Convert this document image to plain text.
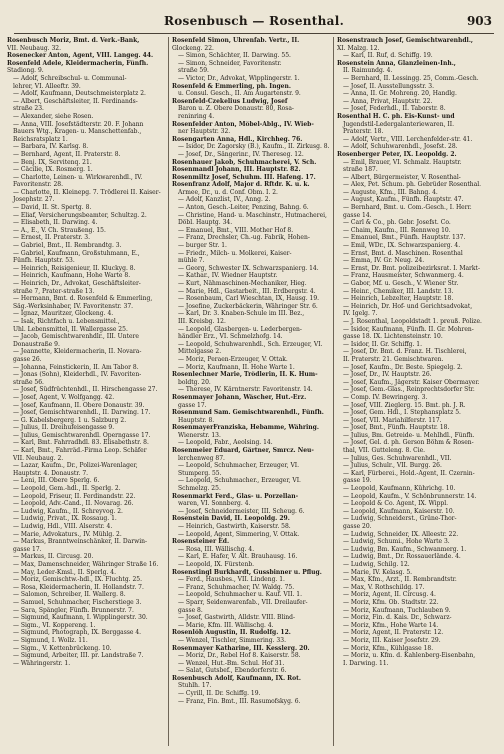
Rosenbusch — Rosenthal.	903

Rosenbusch Moriz, Bmt. d. Verk.-Bank,

VII. Neubaug. 32.

Rosenecker Anton, Agent, VIII. Langeg. 44.

Rosenfeld Adele, Kleidermacherin, Fünfh.

Stadiong. 9.

— Adolf, Schreibschul- u. Communal-

lehrer, VI. Alleeftr. 39.

— Adolf, Kaufmann, Deutschmeisterplatz 2.

— Albert, Geschäftsleiter, II. Ferdinands-

straße 23.

— Alexander, siehe Rosen.

— Anna, VIII. Josefstädterstr. 20. F. Johann

Bauers Wtg., Kragen- u. Manschettenfab.,

Reichsratsplatz 1.

— Barbara, IV. Karlsg. 8.

— Bernhard, Agent, II. Praterstr. 8.

— Benj. IX, Servitenq. 21.

— Cäcilie, IX. Rosmerg. 1.

— Charlotte, Leinen- u. Wirkwarenhdl., IV.

Favoritenstr. 28.

— Charlotte, II. Kleinepg. 7. Trödlerei II. Kaiser-

Josephstr. 27.

— David, II. St. Spertg. 8.

— Eliaf, Versicherungsbeamter, Schultzg. 2.

— Elisabeth, II. Darwing. 4.

— A., E., V. Ch. Straußeng. 15.

— Ernest, II. Praterstr. 3.

— Gabriel, Bmt., II. Rembrandtg. 3.

— Gabriel, Kaufmann, Großstuhmann, E.,

Fünfh. Hauptstr. 53.

— Heinrich, Reisigenieur, II. Kluckyg. 8.

— Heinrich, Kaufmann, Hohe Warte 8.

— Heinrich, Dr., Advokat, Geschäftsleiter-

straße 7, Prater-straße 13.

— Hermann, Bmt. d. Rosenfeld & Emmerling,

Säg.-Werksinhaber, IV. Favoritenstr. 37.

— Ignaz, Mauritzer, Glockeng. 4.

— Isak, Richtfach u. Lebensmittel.,

Uhl. Lebensmittel, II. Wallergasse 25.

— Jacob, Gemischtwarenhdlr., III. Untere

Donaustraße 9.

— Jeannette, Kleidermacherin, II. Novara-

gasse 26.

— Johanna, Feinstickerin, II. Am Tabor 8.

— Jonas (Sohn), Kleiderhdl., IV. Favoriten-

straße 56.

— Josef, Südfrüchtenhdl., II. Hirschengasse 27.

— Josef, Agent, V. Wolfgangg. 42.

— Josef, Kaufmann, II. Obere Donaustr. 39.

— Josef, Gemischtwarenhdl., II. Darwing. 17.

— G. Kabelsbergerg. 1 u. Salzburg 2.

— Julius, II. Dreihufeisengasse 9.

— Julius, Gemischtwarenhdl. Operngasse 17.

— Karl, Bmt. Fahrradhdl. 83. Elisabethstr. 8.

— Karl, Bmt., Fahrräd.-Firma Leop. Schäfer

VII. Neubaug. 2.

— Lazar, Kaufm., Dr., Polizei-Warenlager,

Hauptstr. 4. Donaustr. 7.

— Leni, III. Obere Sperlg. 6.

— Leopold, Gem.-hdl., II. Sperlg. 2.

— Leopold, Friseur, II. Ferdinandstr. 22.

— Leopold, Adv.-Cand., II. Novarag. 26.

— Ludwig, Kaufm., II. Schreyvog. 2.

— Ludwig, Privat., IX. Rossaug. 1.

— Ludwig, Hdl., VIII. Alserstr. 4.

— Marie, Advokaturs., IV. Mühlg. 2.

— Markus, Branntweinschänker, II. Darwin-

gasse 17.

— Markus, II. Circusg. 20.

— Max, Damenschneider, Währinger Straße 16.

— May, Leder-Kmsl., II. Sperlg. 4.

— Moriz, Gemischtw.-hdl., IX. Fluchtg. 25.

— Rosa, Kleidermacherin, II. Hollandstr. 7.

— Salomon, Schreiber, II. Wallerg. 8.

— Samuel, Schuhmacher, Fischerstiege 3.

— Sara, Spängler, Fünfh. Brunnerstr. 7.

— Sigmund, Kaufmann, I. Wipplingerstr. 30.

— Sigm., VI. Koppereng. 1.

— Sigmund, Photograph, IX. Berggasse 4.

— Sigmund, I. Wollz. 11.

— Sigm., V. Kettenbrückeng. 10.

— Sigmund, Arbeiter, III. pr. Landstraße 7.

— Währingerstr. 1.

Rosenfeld Simon, Uhrenfab. Vertr., II.

Glockeng. 22.

— Simon, Schächter, II. Darwing. 55.

— Simon, Schneider, Favoritenstr.

straße 59.

— Victor, Dr., Advokat, Wipplingerstr. 1.

Rosenfeld & Emmerling, ph. Ingen.

u. Consul. Gesch., II. Am Augartenstr. 9.

Rosenfeld-Czekelius Ludwig, Josef

Baron u. Z. Obere Donaustr. 80, Rosa-

reninring 4.

Rosenfelder Anton, Möbel-Ablg., IV. Wieb-

ner Hauptstr. 32.

Rosengarten Anna, Hdl., Kirchheg. 76.

— Isidor, Dr. Zagorsky (B.), Kaufm., II. Zirkusg. 8.

— Josef, Dr., Sängerinr., IV. Thereseg. 12.

Rosenhauer Jakob, Schuhmacherei, V. Sch.

Rosenmandl Johann, III. Hauptstr. 82.

Rosenmiltz Josef, Schuhm. III. Hafeng. 17.

Rosenfranz Adolf, Major d. Rftdr. K. u. k.

Armee, Dr., u. d. Conf. Obm. I. 2.

— Adolf, Kanzlist, IV., Anng. 2.

— Anton, Gesch.-Leiter, Penzing, Bahng. 6.

— Christine, Hand- u. Maschinstr., Hutmacherei,

Döbl. Hauptg. 34.

— Emanuel, Bmt., VIII. Mother Hof 8.

— Franz, Drechsler, Ch.-ug. Fabrik, Hohen-

— burger Str. 1.

— Friedr., Milch- u. Molkerei, Kaiser-

mühle 7.

— Georg, Schwester IX. Schwarzspanierg. 14.

— Kathar., IV. Wiedner Hauptstr.

— Kurt, Nähmaschinen-Mechaniker, Hieg.

— Marie, Hdl., Gastarbeit., III. Erdbergstr. 4.

— Rosenbaum, Carl Wieschtan, IX, Hausg. 19.

— Josefine, Zuckerbäckerin, Währinger Str. 6.

— Karl, Dr. 3. Knaben-Schule im III. Bez.,

III. Kreisbg. 12.

— Leopold, Glasbergen- u. Lederbergen-

händler Erz., VI. Schmelzhofg. 14.

— Leopold, Schuhwarenhdl., Sch. Erzeuger, VI.

Mittelgasse 2.

— Moriz, Peraen-Erzeuger, V. Ottak.

— Moriz, Kaufmann, II. Hohe Warte 1.

Rosenlechner Marie, Trödlerin, II. K. Hum-

boldtg. 20.

— Therese, IV. Kärntnerstr. Favoritenstr. 14.

Rosenmayer Johann, Wäscher, Hut.-Erz.

gasse 17.

Rosenmund Sam. Gemischtwarenhdl., Fünfh.

Hauptstr. 8.

RosenmayerFranziska, Hebamme, Währing.

Wienerstr. 13.

— Leopold, Fabr., Aeolsing. 14.

Rosenmeier Eduard, Gärtner, Smrcz. Neu-

lerchenweg 87.

— Leopold, Schuhmacher, Erzeuger, VI.

Stumperg. 55.

— Leopold, Schuhmacher., Erzeuger, VI.

Schmelzg. 25.

Rosenmarkt Ferd., Glas- u. Porzellan-

waren, VI. Sonnberg. 4.

— Josef, Schneidermeister, III. Scheug. 6.

Rosenstein David, II. Leopoldg. 29.

— Heinrich, Gastwirth, Kaiserstr. 58.

— Leopold, Agent, Simmering, V. Ottak.

Rosensteiner Ed.

— Rosa, III. Wällischg. 4.

— Karl, E. Hafer, V. Alt. Brauhausg. 16.

— Leopold, IX. Fürstenb.

Rosenstingl Burkhardt, Gussbinner u. Pflug.

— Ferd., Hausbes., VII. Lindeng. 1.

— Franz, Schuhmacher, IV. Waldg. 75.

— Leopold, Schuhmacher u. Kauf. VII. 1.

— Sparr, Seidenwarenfab., VII. Dreilaufer-

gasse 8.

— Josef, Gastwirth, Alldstr. VIII. Blind-

— Marie, Kfm. III. Wällischg. 4.

Rosenlöh Augustin, II. Rudolfg. 12.

— Wenzel, Tischler, Simmering. 33.

Rosenmayer Katharine, III. Kesslerg. 20.

— Moriz, Dr., Rebel Hof 8. Kaiserstr. 58.

— Wenzel, Hut.-Bm. Schul. Hof 31.

— Salat, Gutsbef., Ebendorferstr. 6.

Rosenbusch Adolf, Kaufmann, IX. Rot.

Stuhlh. 17.

— Cyrill, II. Dr. Schiffg. 19.

— Franz, Fin. Bmt., III. Rasumofskyg. 6.

Rosenstrauch Josef, Gemischtwarenhdl.,

XI. Malzg. 12.

— Karl, II. Ruf, d. Schiffg. 19.

Rosenstein Anna, Glanzleinen-Inh.,

II. Raimundg. 4.

— Bernhard, II. Lessingg. 25, Comm.-Gesch.

— Josef, II. Ausstellungsstr. 3.

— Anna, II. Gr. Mohreng. 20, Handlg.

— Anna, Privat, Hauptstr. 22.

— Josef, Federhdl., II. Taborstr. 8.

Rosenthal H. C. ph. Eis-Kunst- und

Jugendstil-Ledergalanteriewaren, II.

Praterstr. 18.

— Adolf, Vertr., VIII. Lerchenfelder-str. 41.

— Adolf, Schuhwarenhdl., Josefst. 28.

Rosenberger Peter, IX. Leopoldg. 2.

— Emil, Brauer, VI. Schmalz. Hauptstr.

straße 187.

— Albert, Bürgermeister, V. Rosenthal-

— Alex, Pet. Schum. ph. Gebrüder Rosenthal.

— Auguste, Kfm., III. Bahng. 4.

— August, Kaufm., Fünfh. Hauptstr. 47.

— Bernhard, Bmt. u. Com.-Gesch., I. Herr.

gasse 14.

— Carl & Co., ph. Gebr. Josefst. Co.

— Chaim, Kaufm., III. Rennweg 10.

— Emanuel, Bmt., Fünfh. Hauptstr. 137.

— Emil, WDr., IX. Schwarzspanierg. 4.

— Ernst, Bmt. d. Maschinen. Rosenthal

— Emma, IV. Gr. Neug. 24.

— Ernst, Dr. Bmt. polizeibezirksrat. I. Markt-

— Franz, Hausmeister, Schwanmerg. 4.

— Gabor, Mf. u. Gesch., V. Wiener Str.

— Heinr., Chemiker, III. Landstr. 13.

— Heinrich, Lebzelter, Hauptstr. 18.

— Heinrich, Dr. Hof- und Gerichtsadvokat,

IV. Igelg. 7.

— J. Rosenthal, Leopoldstadt 1. preuß. Polize.

— Isidor, Kaufmann, Fünfh. II. Gr. Mohren-

gasse 18. IX. Lichtensteinstr. 10.

— Isidor, II. Gr. Schiffg. 1.

— Josef, Dr. Bmt. d. Franz. H. Tischlerei,

II. Praterstr. 21. Gemischtwaren.

— Josef, Kaufm., Dr. Beste. Spiegelg. 2.

— Josef, Dr., IV. Hauptstr. 26.

— Josef, Kaufm., Jägerstr. Kaiser Obermayer.

— Josef, Gem.-Glas., Reinprechtsdorfer Str.

— Comp. IV. Bewringerg. 3.

— Josef, VIII. Zieglerg. 15. Bmt. ph. J. R.

— Josef, Gem. Hdl., I. Stephansplatz 5.

— Josef, VII. Mariahilferstr. 117.

— Josef, Bmt., Fünfh. Hauptstr. 18.

— Julius, Bm. Getreide- u. Mehlhdl., Fünfh.

— Josef, Gel. d. ph. Gerson Böhm & Rosen-

thal, VII. Gutteleng. 8. Cie.

— Julius, Ges. Schuhwarenhdl., VII.

— Julius, Schulr., VII. Burgg. 26.

— Karl, Fürberei., Hold.-Agent, II. Czernin-

gasse 19.

— Leopold, Kaufmann, Kührichg. 10.

— Leopold, Kaufm., V. Schönbrunnerstr. 14.

— Leopold & Co. Agent, IX. Wippl.

— Leopold, Kaufmann, Kaiserstr. 10.

— Ludwig, Schneiderst., Grüne-Thor-

gasse 20.

— Ludwig, Schneider, IX. Alleestr. 22.

— Ludwig, Schumi., Hohe Warte 3.

— Ludwig, Bm. Kaufm., Schwanmerg. 1.

— Ludwig, Bmt., Dr. Rossauerlände. 4.

— Ludwig, Schilg. 12.

— Marie, IV. Kelasg. 5.

— Max, Kfm., Arzt., II. Rembrandtstr.

— Max, V. Rothschildg. 17.

— Moriz, Agent, II. Circusg. 4.

— Moriz, Kfm. Ob. Stadtstr. 22.

— Moriz, Kaufmann, Tuchlauben 9.

— Moriz, Fin. d. Kais. Dr., Schwarz-

— Moriz, Kfm., Hohe Warte 14.

— Moriz, Agent, II. Praterstr. 12.

— Moriz, III. Kaiser Josefstr. 29.

— Moriz, Kfm., Kühlgasse 18.

— Moriz, u. Kfm. d. Kahlenberg-Eisenbahn,

I. Darwing. 11.
